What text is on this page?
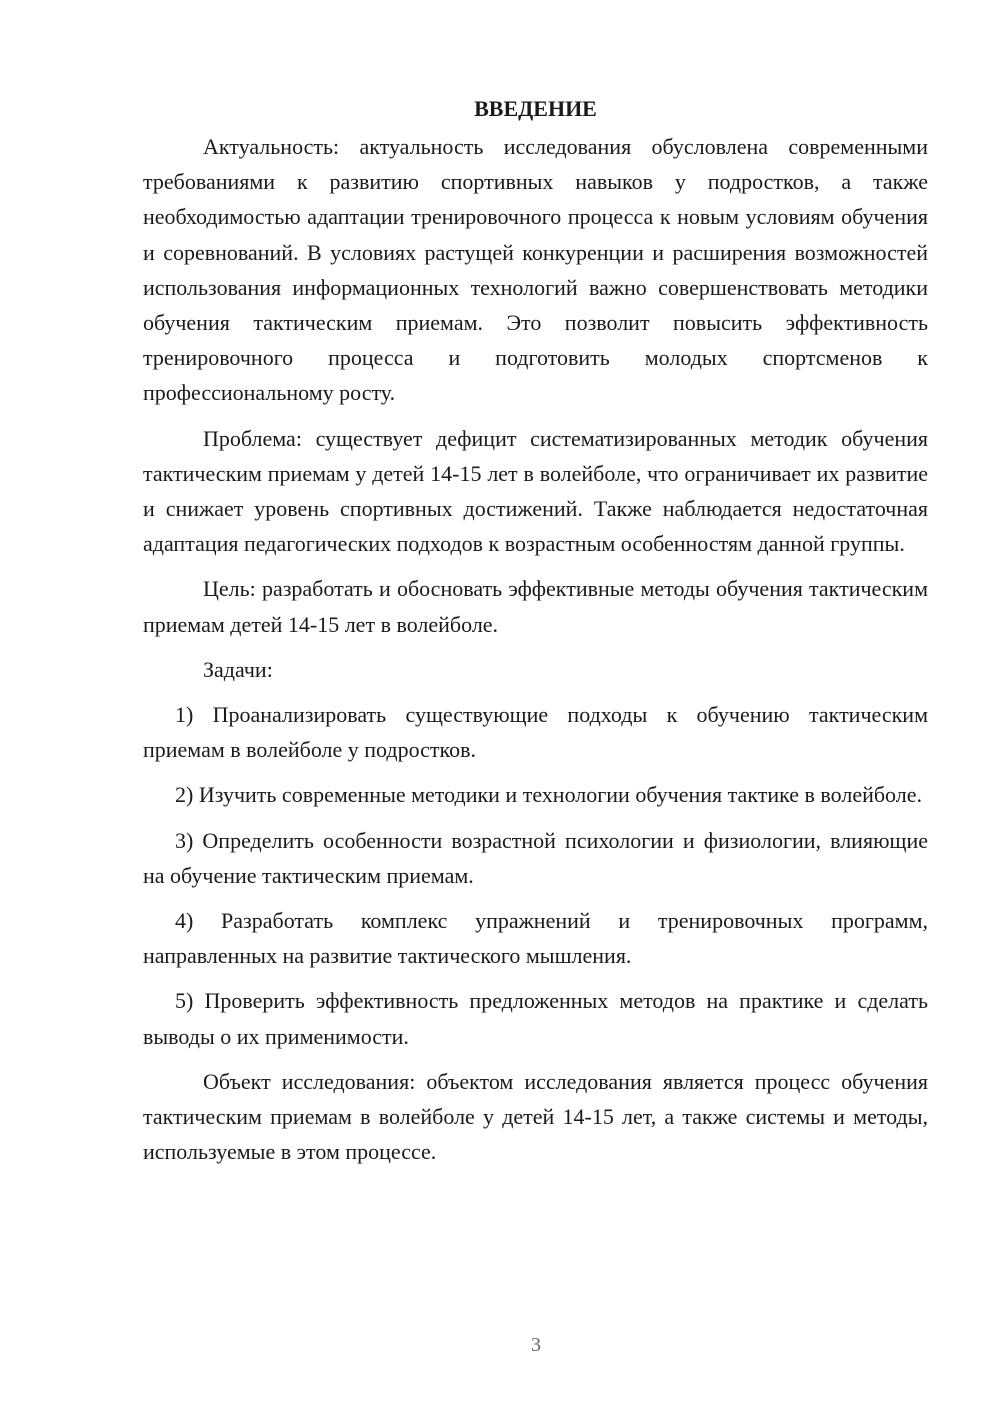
ВВЕДЕНИЕ

Актуальность: актуальность исследования обусловлена современными требованиями к развитию спортивных навыков у подростков, а также необходимостью адаптации тренировочного процесса к новым условиям обучения и соревнований. В условиях растущей конкуренции и расширения возможностей использования информационных технологий важно совершенствовать методики обучения тактическим приемам. Это позволит повысить эффективность тренировочного процесса и подготовить молодых спортсменов к профессиональному росту.

Проблема: существует дефицит систематизированных методик обучения тактическим приемам у детей 14-15 лет в волейболе, что ограничивает их развитие и снижает уровень спортивных достижений. Также наблюдается недостаточная адаптация педагогических подходов к возрастным особенностям данной группы.

Цель: разработать и обосновать эффективные методы обучения тактическим приемам детей 14-15 лет в волейболе.

Задачи:

1) Проанализировать существующие подходы к обучению тактическим приемам в волейболе у подростков.

2) Изучить современные методики и технологии обучения тактике в волейболе.

3) Определить особенности возрастной психологии и физиологии, влияющие на обучение тактическим приемам.

4) Разработать комплекс упражнений и тренировочных программ, направленных на развитие тактического мышления.

5) Проверить эффективность предложенных методов на практике и сделать выводы о их применимости.

Объект исследования: объектом исследования является процесс обучения тактическим приемам в волейболе у детей 14-15 лет, а также системы и методы, используемые в этом процессе.

3
